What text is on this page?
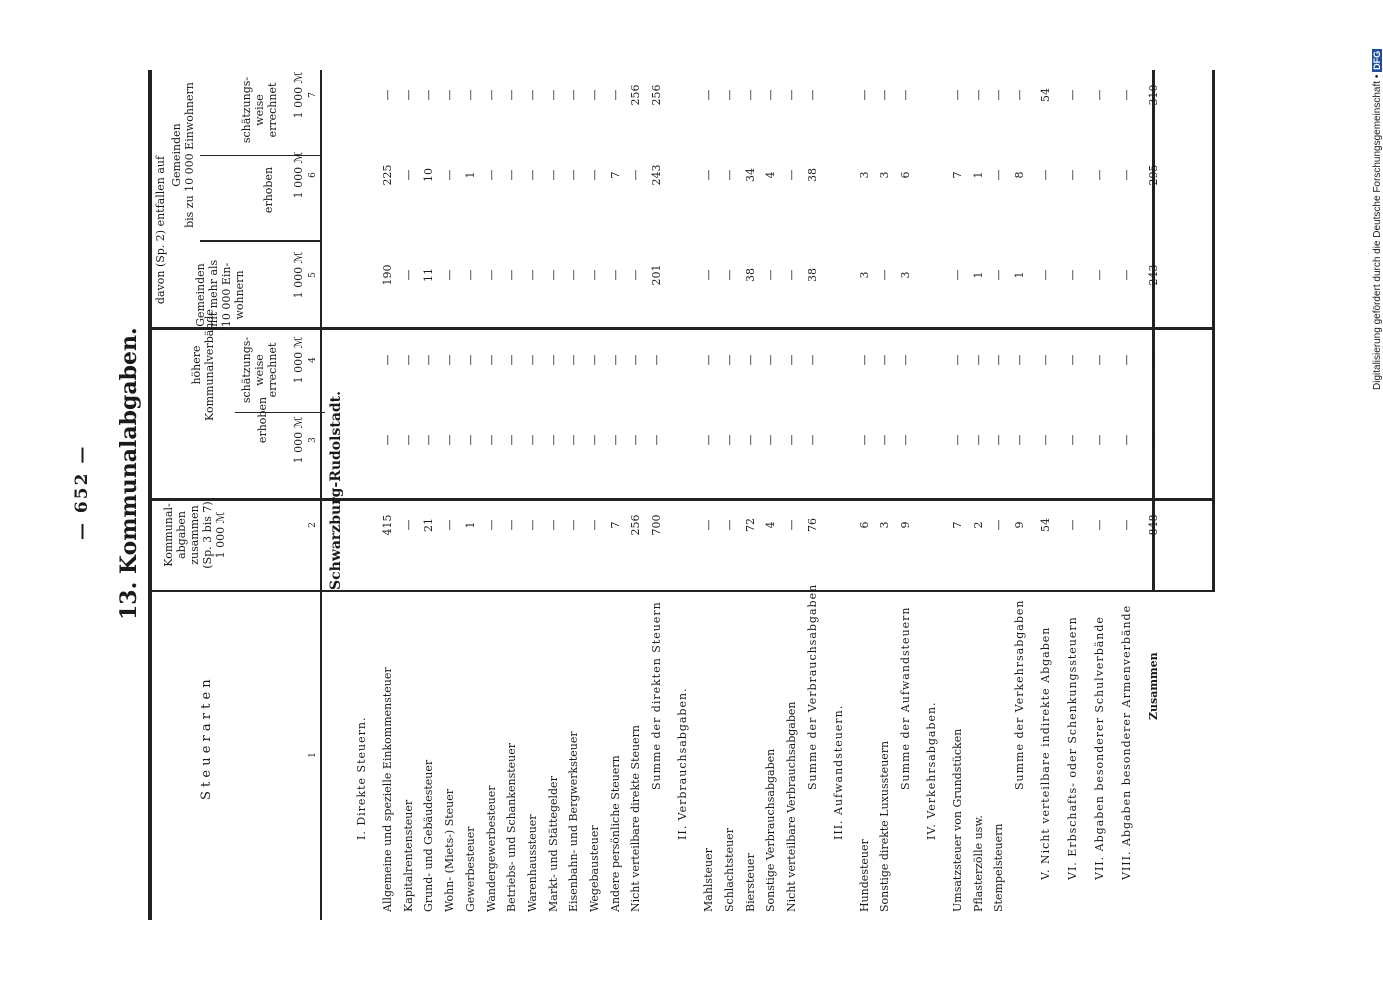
Digitalisierung gefördert durch die Deutsche Forschungsgemeinschaft • DFG
— 652 — 13. Kommunalabgaben.
S t e u e r a r t e n
Kommunal- abgaben zusammen (Sp. 3 bis 7) 1 000 ℳ
davon (Sp. 2) entfallen auf
höhere Kommunalverbände
Gemeinden mit mehr als 10 000 Ein- wohnern
Gemeinden bis zu 10 000 Einwohnern
erhoben
erhoben
schätzungs- weise errechnet
schätzungs- weise errechnet
1 000 ℳ
1 000 ℳ
1 000 ℳ
1 000 ℳ
1 000 ℳ
1
2
3
4
5
6
7
Schwarzburg-Rudolstadt.
I. Direkte Steuern. Allgemeine und spezielle Einkommensteuer
415
—
—
190
225
—
Kapitalrentensteuer
—
—
—
—
—
—
Grund- und Gebäudesteuer
21
—
—
11
10
—
Wohn- (Miets-) Steuer
—
—
—
—
—
—
Gewerbesteuer
1
—
—
—
1
—
Wandergewerbesteuer
—
—
—
—
—
—
Betriebs- und Schankensteuer
—
—
—
—
—
—
Warenhaussteuer
—
—
—
—
—
—
Markt- und Stättegelder
—
—
—
—
—
—
Eisenbahn- und Bergwerksteuer
—
—
—
—
—
—
Wegebausteuer
—
—
—
—
—
—
Andere persönliche Steuern
7
—
—
—
7
—
Nicht verteilbare direkte Steuern
256
—
—
—
—
256
Summe der direkten Steuern
700
—
—
201
243
256
II. Verbrauchsabgaben.
Mahlsteuer
—
—
—
—
—
—
Schlachtsteuer
—
—
—
—
—
—
Biersteuer
72
—
—
38
34
—
Sonstige Verbrauchsabgaben
4
—
—
—
4
—
Nicht verteilbare Verbrauchsabgaben
—
—
—
—
—
—
Summe der Verbrauchsabgaben
76
—
—
38
38
—
III. Aufwandsteuern.
Hundesteuer
6
—
—
3
3
—
Sonstige direkte Luxussteuern
3
—
—
—
3
—
Summe der Aufwandsteuern
9
—
—
3
6
—
IV. Verkehrsabgaben. Umsatzsteuer von Grundstücken
7
—
—
—
7
—
Pflasterzölle usw.
2
—
—
1
1
—
Stempelsteuern
—
—
—
—
—
—
Summe der Verkehrsabgaben
9
—
—
1
8
—
V. Nicht verteilbare indirekte Abgaben
54
—
—
—
—
54
VI. Erbschafts- oder Schenkungssteuern
—
—
—
—
—
—
VII. Abgaben besonderer Schulverbände
—
—
—
—
—
—
VIII. Abgaben besonderer Armenverbände
—
—
—
—
—
—
Zusammen
848
—
—
243
295
310
